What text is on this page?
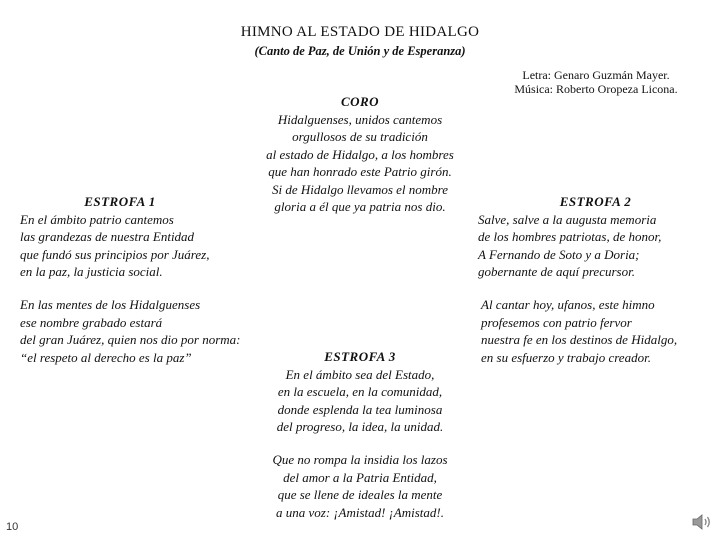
HIMNO AL ESTADO DE HIDALGO
(Canto de Paz, de Unión y de Esperanza)
Letra: Genaro Guzmán Mayer.
Música: Roberto Oropeza Licona.
CORO
Hidalguenses, unidos cantemos
orgullosos de su tradición
al estado de Hidalgo, a los hombres
que han honrado este Patrio girón.
Si de Hidalgo llevamos el nombre
gloria a él que ya patria nos dio.
ESTROFA 1
En el ámbito patrio cantemos
las grandezas de nuestra Entidad
que fundó sus principios por Juárez,
en la paz, la justicia social.
En las mentes de los Hidalguenses
ese nombre grabado estará
del gran Juárez, quien nos dio por norma:
“el respeto al derecho es la paz”
ESTROFA 2
Salve, salve a la augusta memoria
de los hombres patriotas, de honor,
A Fernando de Soto y a Doria;
gobernante de aquí precursor.
Al cantar hoy, ufanos, este himno
profesemos con patrio fervor
nuestra fe en los destinos de Hidalgo,
en su esfuerzo y trabajo creador.
ESTROFA 3
En el ámbito sea del Estado,
en la escuela, en la comunidad,
donde esplenda la tea luminosa
del progreso, la idea, la unidad.
Que no rompa la insidia los lazos
del amor a la Patria Entidad,
que se llene de ideales la mente
a una voz: ¡Amistad! ¡Amistad!.
10
